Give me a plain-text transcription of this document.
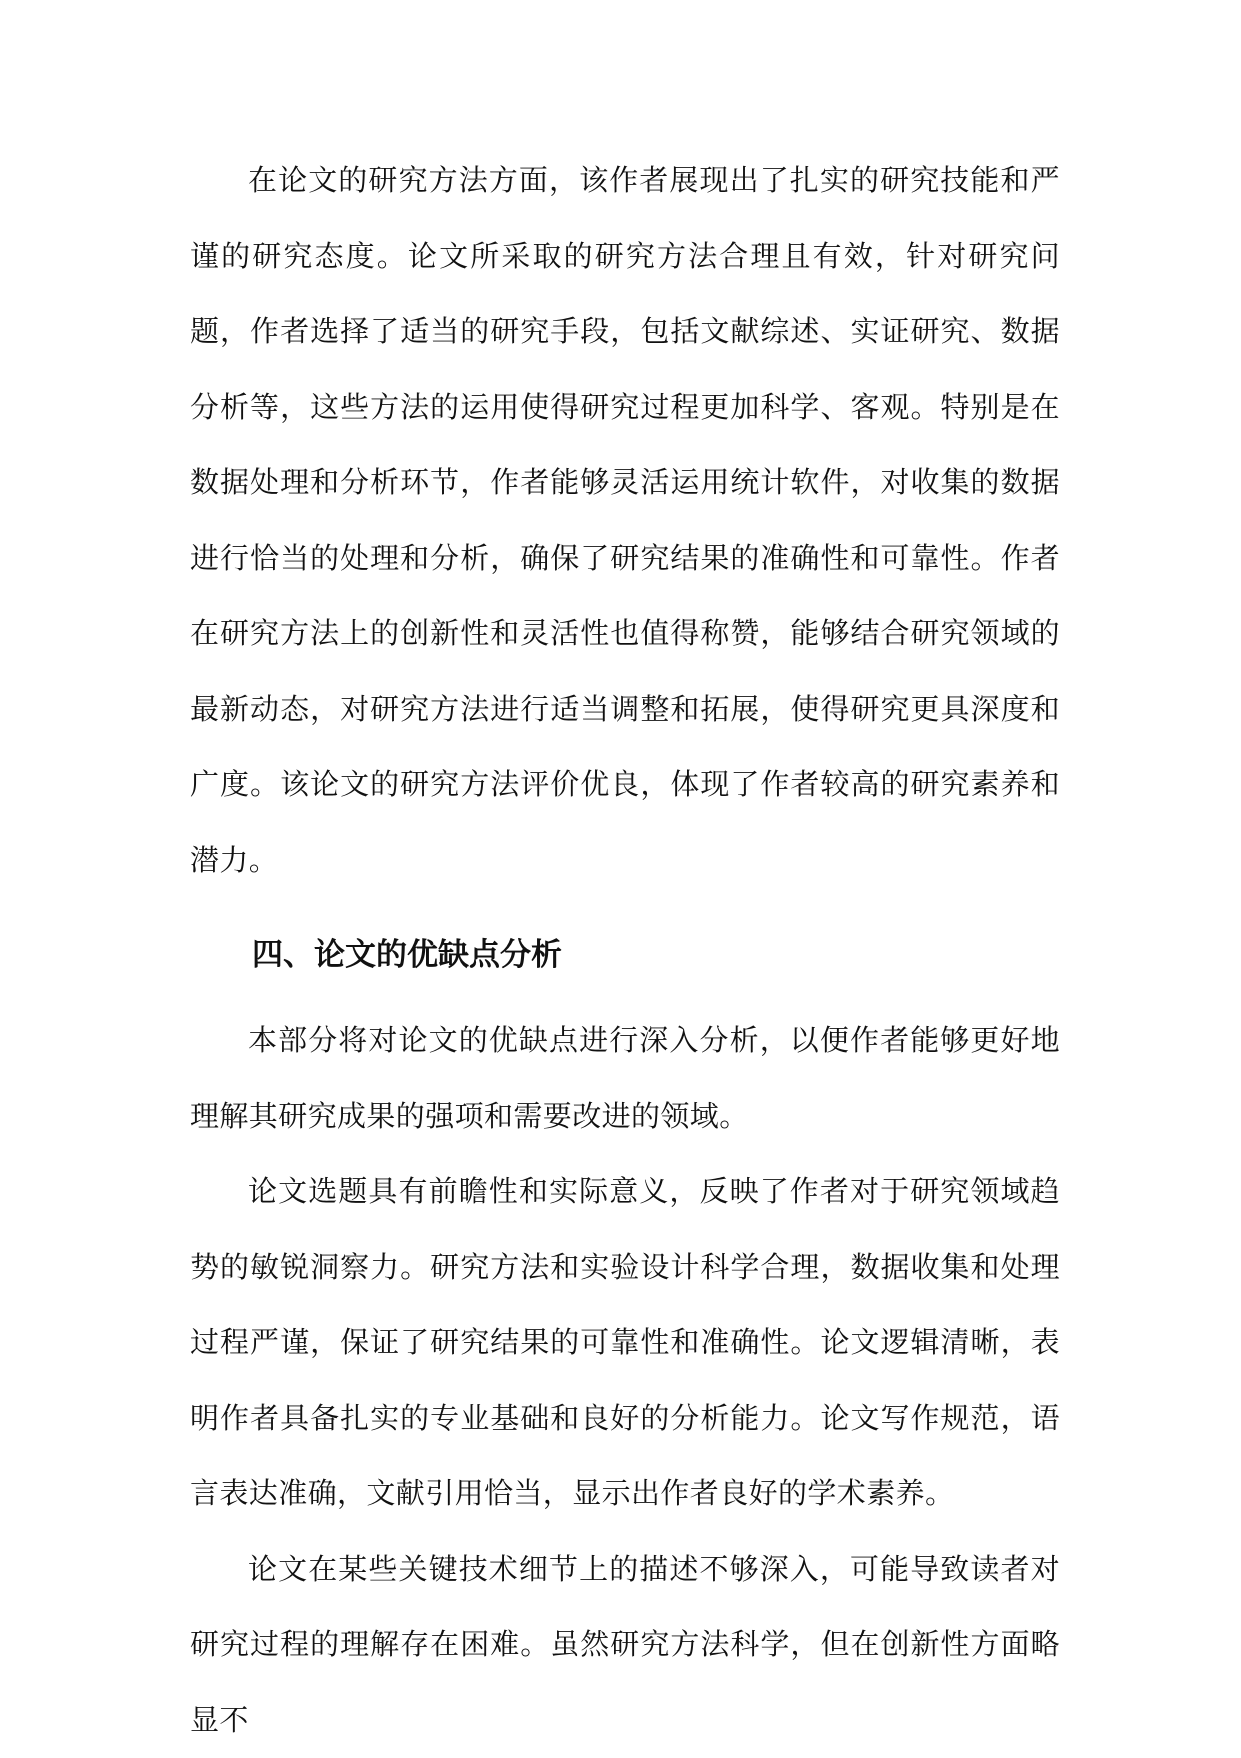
在论文的研究方法方面，该作者展现出了扎实的研究技能和严谨的研究态度。论文所采取的研究方法合理且有效，针对研究问题，作者选择了适当的研究手段，包括文献综述、实证研究、数据分析等，这些方法的运用使得研究过程更加科学、客观。特别是在数据处理和分析环节，作者能够灵活运用统计软件，对收集的数据进行恰当的处理和分析，确保了研究结果的准确性和可靠性。作者在研究方法上的创新性和灵活性也值得称赞，能够结合研究领域的最新动态，对研究方法进行适当调整和拓展，使得研究更具深度和广度。该论文的研究方法评价优良，体现了作者较高的研究素养和潜力。

四、论文的优缺点分析

本部分将对论文的优缺点进行深入分析，以便作者能够更好地理解其研究成果的强项和需要改进的领域。

论文选题具有前瞻性和实际意义，反映了作者对于研究领域趋势的敏锐洞察力。研究方法和实验设计科学合理，数据收集和处理过程严谨，保证了研究结果的可靠性和准确性。论文逻辑清晰，表明作者具备扎实的专业基础和良好的分析能力。论文写作规范，语言表达准确，文献引用恰当，显示出作者良好的学术素养。

论文在某些关键技术细节上的描述不够深入，可能导致读者对研究过程的理解存在困难。虽然研究方法科学，但在创新性方面略显不
